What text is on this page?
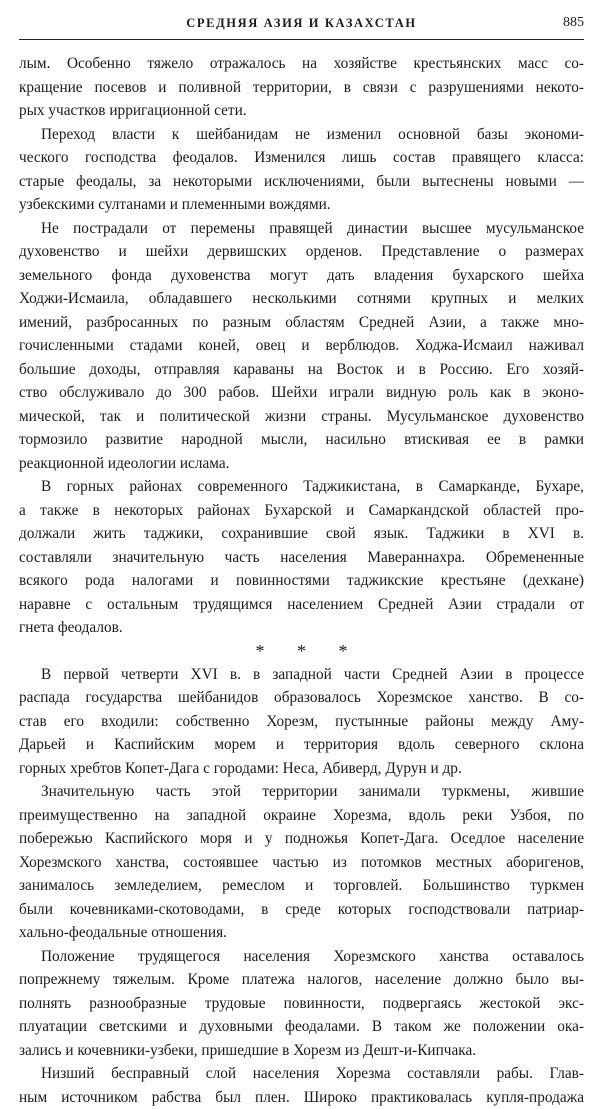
СРЕДНЯЯ АЗИЯ И КАЗАХСТАН	885
лым. Особенно тяжело отражалось на хозяйстве крестьянских масс со-
кращение посевов и поливной территории, в связи с разрушениями некото-
рых участков ирригационной сети.
Переход власти к шейбанидам не изменил основной базы экономи-
ческого господства феодалов. Изменился лишь состав правящего класса:
старые феодалы, за некоторыми исключениями, были вытеснены новыми —
узбекскими султанами и племенными вождями.
Не пострадали от перемены правящей династии высшее мусульманское
духовенство и шейхи дервишских орденов. Представление о размерах
земельного фонда духовенства могут дать владения бухарского шейха
Ходжи-Исмаила, обладавшего несколькими сотнями крупных и мелких
имений, разбросанных по разным областям Средней Азии, а также мно-
гочисленными стадами коней, овец и верблюдов. Ходжа-Исмаил наживал
большие доходы, отправляя караваны на Восток и в Россию. Его хозяй-
ство обслуживало до 300 рабов. Шейхи играли видную роль как в эконо-
мической, так и политической жизни страны. Мусульманское духовенство
тормозило развитие народной мысли, насильно втискивая ее в рамки
реакционной идеологии ислама.
В горных районах современного Таджикистана, в Самарканде, Бухаре,
а также в некоторых районах Бухарской и Самаркандской областей про-
должали жить таджики, сохранившие свой язык. Таджики в XVI в.
составляли значительную часть населения Мавераннахра. Обремененные
всякого рода налогами и повинностями таджикские крестьяне (дехкане)
наравне с остальным трудящимся населением Средней Азии страдали от
гнета феодалов.
* * *
В первой четверти XVI в. в западной части Средней Азии в процессе
распада государства шейбанидов образовалось Хорезмское ханство. В со-
став его входили: собственно Хорезм, пустынные районы между Аму-
Дарьей и Каспийским морем и территория вдоль северного склона
горных хребтов Копет-Дага с городами: Неса, Абиверд, Дурун и др.
Значительную часть этой территории занимали туркмены, жившие
преимущественно на западной окраине Хорезма, вдоль реки Узбоя, по
побережью Каспийского моря и у подножья Копет-Дага. Оседлое население
Хорезмского ханства, состоявшее частью из потомков местных аборигенов,
занималось земледелием, ремеслом и торговлей. Большинство туркмен
были кочевниками-скотоводами, в среде которых господствовали патриар-
хально-феодальные отношения.
Положение трудящегося населения Хорезмского ханства оставалось
попрежнему тяжелым. Кроме платежа налогов, население должно было вы-
полнять разнообразные трудовые повинности, подвергаясь жестокой экс-
плуатации светскими и духовными феодалами. В таком же положении ока-
зались и кочевники-узбеки, пришедшие в Хорезм из Дешт-и-Кипчака.
Низший бесправный слой населения Хорезма составляли рабы. Глав-
ным источником рабства был плен. Широко практиковалась купля-продажа
